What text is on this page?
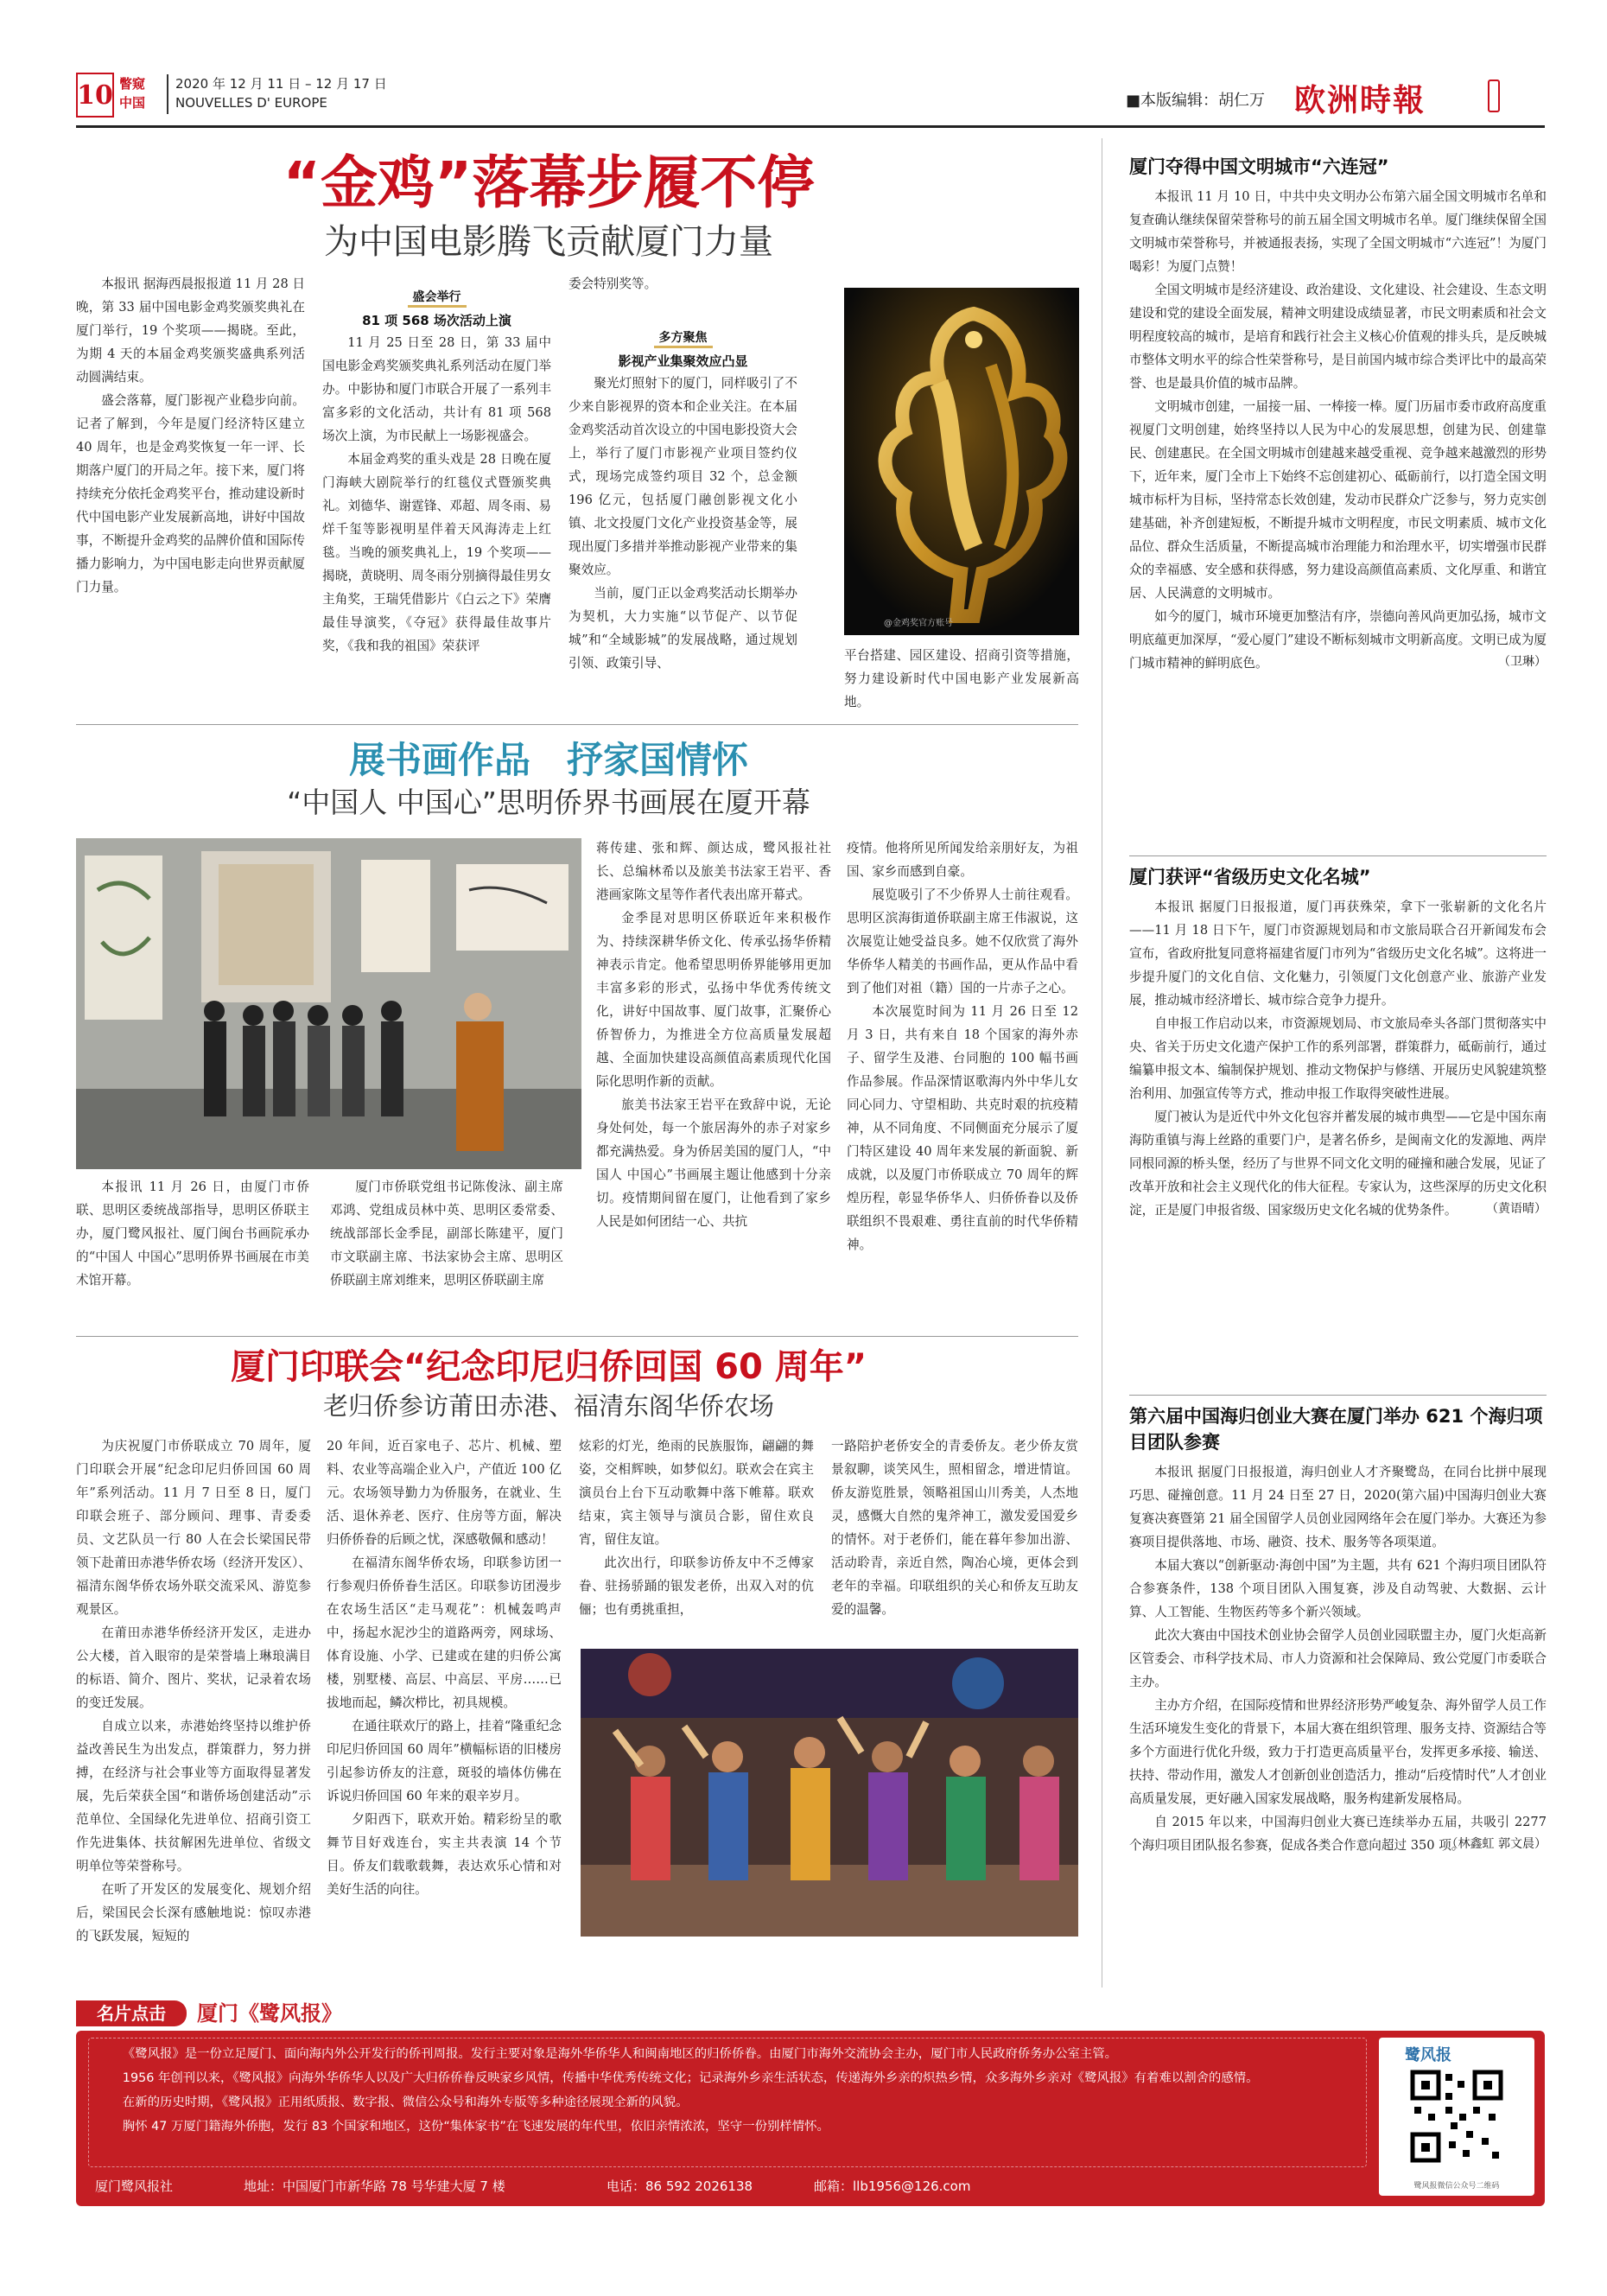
10 瞥窥
中国
2020 年 12 月 11 日 – 12 月 17 日
NOUVELLES D' EUROPE	■本版编辑：胡仁万 欧洲時報
“金鸡”落幕步履不停
为中国电影腾飞贡献厦门力量

本报讯 据海西晨报报道 11 月 28 日晚，第 33 届中国电影金鸡奖颁奖典礼在厦门举行，19 个奖项——揭晓。至此，为期 4 天的本届金鸡奖颁奖盛典系列活动圆满结束。

盛会落幕，厦门影视产业稳步向前。记者了解到，今年是厦门经济特区建立 40 周年，也是金鸡奖恢复一年一评、长期落户厦门的开局之年。接下来，厦门将持续充分依托金鸡奖平台，推动建设新时代中国电影产业发展新高地，讲好中国故事，不断提升金鸡奖的品牌价值和国际传播力影响力，为中国电影走向世界贡献厦门力量。

盛会举行
81 项 568 场次活动上演

11 月 25 日至 28 日，第 33 届中国电影金鸡奖颁奖典礼系列活动在厦门举办。中影协和厦门市联合开展了一系列丰富多彩的文化活动，共计有 81 项 568 场次上演，为市民献上一场影视盛会。

本届金鸡奖的重头戏是 28 日晚在厦门海峡大剧院举行的红毯仪式暨颁奖典礼。刘德华、谢霆锋、邓超、周冬雨、易烊千玺等影视明星伴着天风海涛走上红毯。当晚的颁奖典礼上，19 个奖项——揭晓，黄晓明、周冬雨分别摘得最佳男女主角奖，王瑞凭借影片《白云之下》荣膺最佳导演奖，《夺冠》获得最佳故事片奖，《我和我的祖国》荣获评

委会特别奖等。
多方聚焦
影视产业集聚效应凸显

聚光灯照射下的厦门，同样吸引了不少来自影视界的资本和企业关注。在本届金鸡奖活动首次设立的中国电影投资大会上，举行了厦门市影视产业项目签约仪式，现场完成签约项目 32 个，总金额 196 亿元，包括厦门融创影视文化小镇、北文投厦门文化产业投资基金等，展现出厦门多措并举推动影视产业带来的集聚效应。

当前，厦门正以金鸡奖活动长期举办为契机，大力实施“以节促产、以节促城”和“全域影城”的发展战略，通过规划引领、政策引导、

@金鸡奖官方账号

平台搭建、园区建设、招商引资等措施，努力建设新时代中国电影产业发展新高地。

展书画作品　抒家国情怀
“中国人 中国心”思明侨界书画展在厦开幕

本报讯 11 月 26 日，由厦门市侨联、思明区委统战部指导，思明区侨联主办，厦门鹭风报社、厦门闽台书画院承办的“中国人 中国心”思明侨界书画展在市美术馆开幕。

厦门市侨联党组书记陈俊泳、副主席邓鸿、党组成员林中英、思明区委常委、统战部部长金季昆，副部长陈建平，厦门市文联副主席、书法家协会主席、思明区侨联副主席刘维来，思明区侨联副主席

蒋传建、张和辉、颜达成，鹭风报社社长、总编林希以及旅美书法家王岩平、香港画家陈文星等作者代表出席开幕式。

金季昆对思明区侨联近年来积极作为、持续深耕华侨文化、传承弘扬华侨精神表示肯定。他希望思明侨界能够用更加丰富多彩的形式，弘扬中华优秀传统文化，讲好中国故事、厦门故事，汇聚侨心侨智侨力，为推进全方位高质量发展超越、全面加快建设高颜值高素质现代化国际化思明作新的贡献。

旅美书法家王岩平在致辞中说，无论身处何处，每一个旅居海外的赤子对家乡都充满热爱。身为侨居美国的厦门人，“中国人 中国心”书画展主题让他感到十分亲切。疫情期间留在厦门，让他看到了家乡人民是如何团结一心、共抗

疫情。他将所见所闻发给亲朋好友，为祖国、家乡而感到自豪。

展览吸引了不少侨界人士前往观看。思明区滨海街道侨联副主席王伟淑说，这次展览让她受益良多。她不仅欣赏了海外华侨华人精美的书画作品，更从作品中看到了他们对祖（籍）国的一片赤子之心。

本次展览时间为 11 月 26 日至 12 月 3 日，共有来自 18 个国家的海外赤子、留学生及港、台同胞的 100 幅书画作品参展。作品深情讴歌海内外中华儿女同心同力、守望相助、共克时艰的抗疫精神，从不同角度、不同侧面充分展示了厦门特区建设 40 周年来发展的新面貌、新成就，以及厦门市侨联成立 70 周年的辉煌历程，彰显华侨华人、归侨侨眷以及侨联组织不畏艰难、勇往直前的时代华侨精神。

厦门印联会“纪念印尼归侨回国 60 周年”
老归侨参访莆田赤港、福清东阁华侨农场

为庆祝厦门市侨联成立 70 周年，厦门印联会开展“纪念印尼归侨回国 60 周年”系列活动。11 月 7 日至 8 日，厦门印联会班子、部分顾问、理事、青委委员、文艺队员一行 80 人在会长梁国民带领下赴莆田赤港华侨农场（经济开发区）、福清东阁华侨农场外联交流采风、游览参观景区。

在莆田赤港华侨经济开发区，走进办公大楼，首入眼帘的是荣誉墙上琳琅满目的标语、简介、图片、奖状，记录着农场的变迁发展。

自成立以来，赤港始终坚持以维护侨益改善民生为出发点，群策群力，努力拼搏，在经济与社会事业等方面取得显著发展，先后荣获全国“和谐侨场创建活动”示范单位、全国绿化先进单位、招商引资工作先进集体、扶贫解困先进单位、省级文明单位等荣誉称号。

在听了开发区的发展变化、规划介绍后，梁国民会长深有感触地说：惊叹赤港的飞跃发展，短短的

20 年间，近百家电子、芯片、机械、塑料、农业等高端企业入户，产值近 100 亿元。农场领导勤力为侨服务，在就业、生活、退休养老、医疗、住房等方面，解决归侨侨眷的后顾之忧，深感敬佩和感动！

在福清东阁华侨农场，印联参访团一行参观归侨侨眷生活区。印联参访团漫步在农场生活区“走马观花”：机械轰鸣声中，扬起水泥沙尘的道路两旁，网球场、体育设施、小学、已建或在建的归侨公寓楼，别墅楼、高层、中高层、平房……已拔地而起，鳞次栉比，初具规模。

在通往联欢厅的路上，挂着“隆重纪念印尼归侨回国 60 周年”横幅标语的旧楼房引起参访侨友的注意，斑驳的墙体仿佛在诉说归侨回国 60 年来的艰辛岁月。

夕阳西下，联欢开始。精彩纷呈的歌舞节目好戏连台，实主共表演 14 个节目。侨友们载歌载舞，表达欢乐心情和对美好生活的向往。

炫彩的灯光，绝雨的民族服饰，翩翩的舞姿，交相辉映，如梦似幻。联欢会在宾主演员台上台下互动歌舞中落下帷幕。联欢结束，宾主领导与演员合影，留住欢良宵，留住友谊。

此次出行，印联参访侨友中不乏傅家眷、驻扬骄踊的银发老侨，出双入对的伉俪；也有勇挑重担，

一路陪护老侨安全的青委侨友。老少侨友赏景叙聊，谈笑风生，照相留念，增进情谊。侨友游览胜景，领略祖国山川秀美，人杰地灵，感慨大自然的鬼斧神工，激发爱国爱乡的情怀。对于老侨们，能在暮年参加出游、活动聆青，亲近自然，陶冶心境，更体会到老年的幸福。印联组织的关心和侨友互助友爱的温馨。

厦门夺得中国文明城市“六连冠”

本报讯 11 月 10 日，中共中央文明办公布第六届全国文明城市名单和复查确认继续保留荣誉称号的前五届全国文明城市名单。厦门继续保留全国文明城市荣誉称号，并被通报表扬，实现了全国文明城市“六连冠”！为厦门喝彩！为厦门点赞！

全国文明城市是经济建设、政治建设、文化建设、社会建设、生态文明建设和党的建设全面发展，精神文明建设成绩显著，市民文明素质和社会文明程度较高的城市，是培育和践行社会主义核心价值观的排头兵，是反映城市整体文明水平的综合性荣誉称号，是目前国内城市综合类评比中的最高荣誉、也是最具价值的城市品牌。

文明城市创建，一届接一届、一棒接一棒。厦门历届市委市政府高度重视厦门文明创建，始终坚持以人民为中心的发展思想，创建为民、创建靠民、创建惠民。在全国文明城市创建越来越受重视、竞争越来越激烈的形势下，近年来，厦门全市上下始终不忘创建初心、砥砺前行，以打造全国文明城市标杆为目标，坚持常态长效创建，发动市民群众广泛参与，努力克实创建基础，补齐创建短板，不断提升城市文明程度，市民文明素质、城市文化品位、群众生活质量，不断提高城市治理能力和治理水平，切实增强市民群众的幸福感、安全感和获得感，努力建设高颜值高素质、文化厚重、和谐宜居、人民满意的文明城市。

如今的厦门，城市环境更加整洁有序，崇德向善风尚更加弘扬，城市文明底蕴更加深厚，“爱心厦门”建设不断标刻城市文明新高度。文明已成为厦门城市精神的鲜明底色。	（卫琳）
厦门获评“省级历史文化名城”

本报讯 据厦门日报报道，厦门再获殊荣，拿下一张崭新的文化名片——11 月 18 日下午，厦门市资源规划局和市文旅局联合召开新闻发布会宣布，省政府批复同意将福建省厦门市列为“省级历史文化名城”。这将进一步提升厦门的文化自信、文化魅力，引领厦门文化创意产业、旅游产业发展，推动城市经济增长、城市综合竞争力提升。

自申报工作启动以来，市资源规划局、市文旅局牵头各部门贯彻落实中央、省关于历史文化遗产保护工作的系列部署，群策群力，砥砺前行，通过编纂申报文本、编制保护规划、推动文物保护与修缮、开展历史风貌建筑整治利用、加强宣传等方式，推动申报工作取得突破性进展。

厦门被认为是近代中外文化包容并蓄发展的城市典型——它是中国东南海防重镇与海上丝路的重要门户，是著名侨乡，是闽南文化的发源地、两岸同根同源的桥头堡，经历了与世界不同文化文明的碰撞和融合发展，见证了改革开放和社会主义现代化的伟大征程。专家认为，这些深厚的历史文化积淀，正是厦门申报省级、国家级历史文化名城的优势条件。	（黄语晴）
第六届中国海归创业大赛在厦门举办 621 个海归项目团队参赛

本报讯 据厦门日报报道，海归创业人才齐聚鹭岛，在同台比拼中展现巧思、碰撞创意。11 月 24 日至 27 日，2020(第六届)中国海归创业大赛复赛决赛暨第 21 届全国留学人员创业园网络年会在厦门举办。大赛还为参赛项目提供落地、市场、融资、技术、服务等各项渠道。

本届大赛以“创新驱动·海创中国”为主题，共有 621 个海归项目团队符合参赛条件，138 个项目团队入围复赛，涉及自动驾驶、大数据、云计算、人工智能、生物医药等多个新兴领域。

此次大赛由中国技术创业协会留学人员创业园联盟主办，厦门火炬高新区管委会、市科学技术局、市人力资源和社会保障局、致公党厦门市委联合主办。

主办方介绍，在国际疫情和世界经济形势严峻复杂、海外留学人员工作生活环境发生变化的背景下，本届大赛在组织管理、服务支持、资源结合等多个方面进行优化升级，致力于打造更高质量平台，发挥更多承接、输送、扶持、带动作用，激发人才创新创业创造活力，推动“后疫情时代”人才创业高质量发展，更好融入国家发展战略，服务构建新发展格局。

自 2015 年以来，中国海归创业大赛已连续举办五届，共吸引 2277 个海归项目团队报名参赛，促成各类合作意向超过 350 项。

（林鑫虹 郭文晨）
名片点击	厦门《鹭风报》

《鹭风报》是一份立足厦门、面向海内外公开发行的侨刊周报。发行主要对象是海外华侨华人和闽南地区的归侨侨眷。由厦门市海外交流协会主办，厦门市人民政府侨务办公室主管。

1956 年创刊以来，《鹭风报》向海外华侨华人以及广大归侨侨眷反映家乡风情，传播中华优秀传统文化；记录海外乡亲生活状态，传递海外乡亲的炽热乡情，众多海外乡亲对《鹭风报》有着难以割舍的感情。

在新的历史时期，《鹭风报》正用纸质报、数字报、微信公众号和海外专版等多种途径展现全新的风貌。

胸怀 47 万厦门籍海外侨胞，发行 83 个国家和地区，这份“集体家书”在飞速发展的年代里，依旧亲情浓浓，坚守一份别样情怀。

鹭风报
鹭风报微信公众号二维码
厦门鹭风报社	地址：中国厦门市新华路 78 号华建大厦 7 楼	电话：86 592 2026138	邮箱：llb1956@126.com
